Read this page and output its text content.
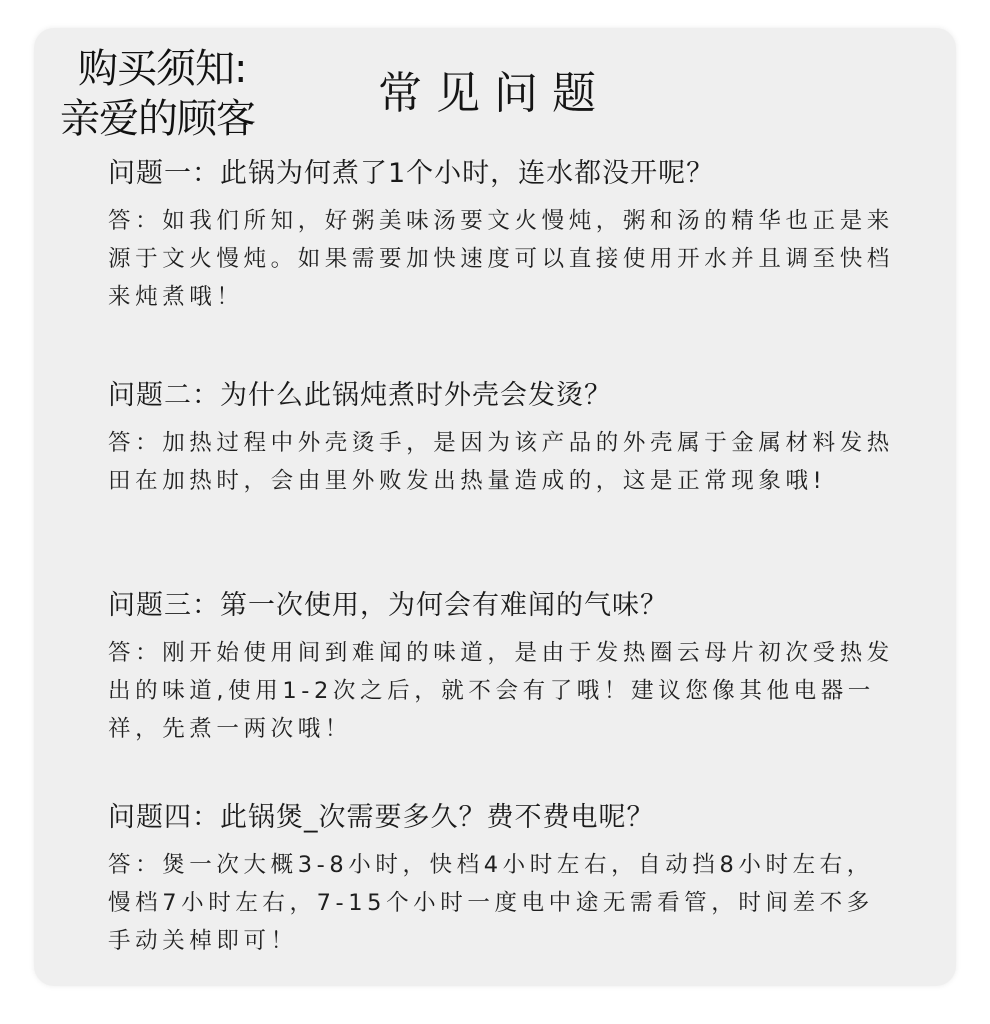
购买须知:
亲爱的顾客	常见问题
问题一：此锅为何煮了1个小时，连水都没开呢？
答：如我们所知，好粥美味汤要文火慢炖，粥和汤的精华也正是来源于文火慢炖。如果需要加快速度可以直接使用开水并且调至快档来炖煮哦！
问题二：为什么此锅炖煮时外壳会发烫？
答：加热过程中外壳烫手，是因为该产品的外壳属于金属材料发热田在加热时，会由里外败发出热量造成的，这是正常现象哦!
问题三：第一次使用，为何会有难闻的气味？
答：刚开始使用间到难闻的味道，是由于发热圈云母片初次受热发出的味道,使用1-2次之后，就不会有了哦！建议您像其他电器一祥，先煮一两次哦！
问题四：此锅煲_次需要多久？费不费电呢？
答：煲一次大概3-8小时，快档4小时左右，自动挡8小时左右，慢档7小时左右，7-15个小时一度电中途无需看管，时间差不多手动关棹即可！
